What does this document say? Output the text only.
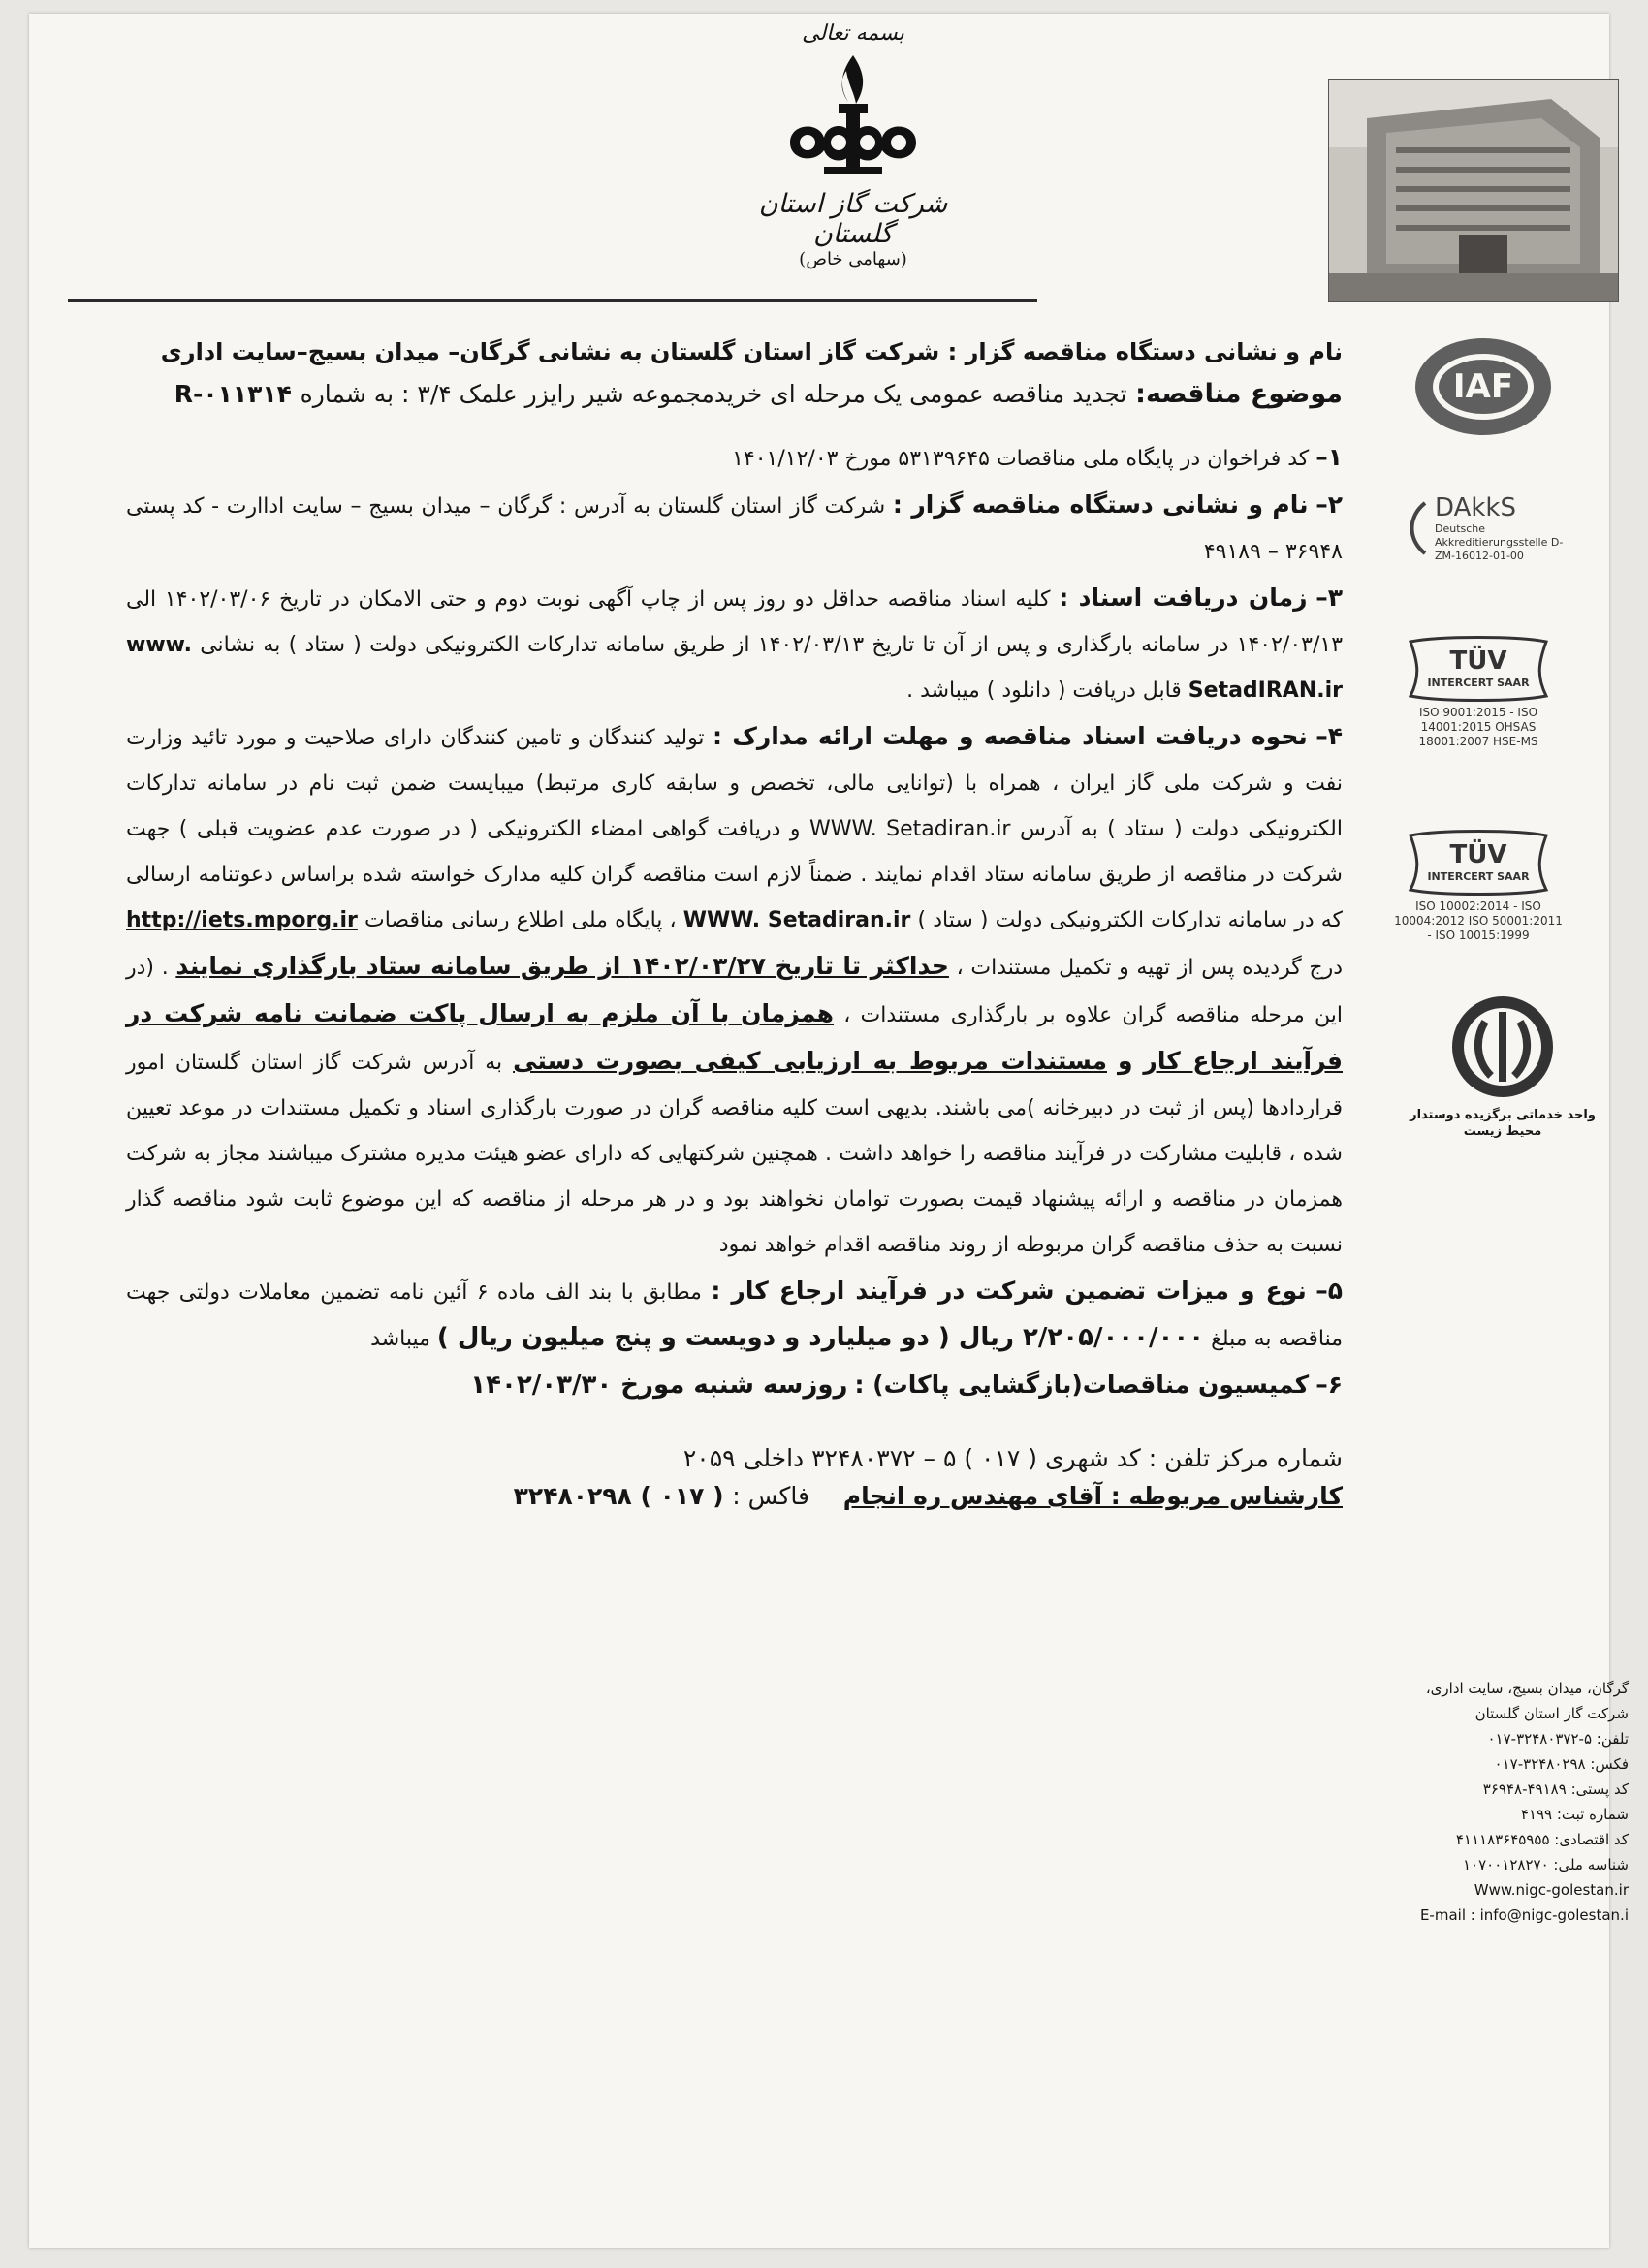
بسمه تعالی
شرکت گاز استان گلستان
(سهامی خاص)
نام و نشانی دستگاه مناقصه گزار : شرکت گاز استان گلستان به نشانی گرگان– میدان بسیج–سایت اداری
موضوع مناقصه: تجدید مناقصه عمومی یک مرحله ای خریدمجموعه شیر رایزر علمک ۳/۴ : به شماره R-۰۱۱۳۱۴

۱– کد فراخوان در پایگاه ملی مناقصات ۵۳۱۳۹۶۴۵ مورخ ۱۴۰۱/۱۲/۰۳

۲– نام و نشانی دستگاه مناقصه گزار : شرکت گاز استان گلستان به آدرس : گرگان – میدان بسیج – سایت اداارت - کد پستی ۳۶۹۴۸ – ۴۹۱۸۹

۳– زمان دریافت اسناد : کلیه اسناد مناقصه حداقل دو روز پس از چاپ آگهی نوبت دوم و حتی الامکان در تاریخ ۱۴۰۲/۰۳/۰۶ الی ۱۴۰۲/۰۳/۱۳ در سامانه بارگذاری و پس از آن تا تاریخ ۱۴۰۲/۰۳/۱۳ از طریق سامانه تدارکات الکترونیکی دولت ( ستاد ) به نشانی www. SetadIRAN.ir قابل دریافت ( دانلود ) میباشد .

۴– نحوه دریافت اسناد مناقصه و مهلت ارائه مدارک : تولید کنندگان و تامین کنندگان دارای صلاحیت و مورد تائید وزارت نفت و شرکت ملی گاز ایران ، همراه با (توانایی مالی، تخصص و سابقه کاری مرتبط) میبایست ضمن ثبت نام در سامانه تدارکات الکترونیکی دولت ( ستاد ) به آدرس WWW. Setadiran.ir و دریافت گواهی امضاء الکترونیکی ( در صورت عدم عضویت قبلی ) جهت شرکت در مناقصه از طریق سامانه ستاد اقدام نمایند . ضمناً لازم است مناقصه گران کلیه مدارک خواسته شده براساس دعوتنامه ارسالی که در سامانه تدارکات الکترونیکی دولت ( ستاد ) WWW. Setadiran.ir ، پایگاه ملی اطلاع رسانی مناقصات http://iets.mporg.ir درج گردیده پس از تهیه و تکمیل مستندات ، حداکثر تا تاریخ ۱۴۰۲/۰۳/۲۷ از طریق سامانه ستاد بارگذاری نمایند . (در این مرحله مناقصه گران علاوه بر بارگذاری مستندات ، همزمان با آن ملزم به ارسال پاکت ضمانت نامه شرکت در فرآیند ارجاع کار و مستندات مربوط به ارزیابی کیفی بصورت دستی به آدرس شرکت گاز استان گلستان امور قراردادها (پس از ثبت در دبیرخانه )می باشند. بدیهی است کلیه مناقصه گران در صورت بارگذاری اسناد و تکمیل مستندات در موعد تعیین شده ، قابلیت مشارکت در فرآیند مناقصه را خواهد داشت . همچنین شرکتهایی که دارای عضو هیئت مدیره مشترک میباشند مجاز به شرکت همزمان در مناقصه و ارائه پیشنهاد قیمت بصورت توامان نخواهند بود و در هر مرحله از مناقصه که این موضوع ثابت شود مناقصه گذار نسبت به حذف مناقصه گران مربوطه از روند مناقصه اقدام خواهد نمود

۵– نوع و میزات تضمین شرکت در فرآیند ارجاع کار : مطابق با بند الف ماده ۶ آئین نامه تضمین معاملات دولتی جهت مناقصه به مبلغ ۲/۲۰۵/۰۰۰/۰۰۰ ریال ( دو میلیارد و دویست و پنج میلیون ریال ) میباشد

۶– کمیسیون مناقصات(بازگشایی پاکات) : روزسه شنبه مورخ ۱۴۰۲/۰۳/۳۰

شماره مرکز تلفن : کد شهری ( ۰۱۷ ) ۵ – ۳۲۴۸۰۳۷۲ داخلی ۲۰۵۹
کارشناس مربوطه : آقای مهندس ره انجام    فاکس : ( ۰۱۷ ) ۳۲۴۸۰۲۹۸
IAF
DAkkS
Deutsche Akkreditierungsstelle D-ZM-16012-01-00
TÜV
INTERCERT SAAR
ISO 9001:2015 - ISO 14001:2015 OHSAS 18001:2007 HSE-MS
TÜV
INTERCERT SAAR
ISO 10002:2014 - ISO 10004:2012 ISO 50001:2011 - ISO 10015:1999
واحد خدماتی برگزیده دوستدار محیط زیست
گرگان، میدان بسیج، سایت اداری،
شرکت گاز استان گلستان
تلفن: ۵-۳۲۴۸۰۳۷۲-۰۱۷
فکس: ۳۲۴۸۰۲۹۸-۰۱۷
کد پستی: ۴۹۱۸۹-۳۶۹۴۸
شماره ثبت: ۴۱۹۹
کد اقتصادی: ۴۱۱۱۸۳۶۴۵۹۵۵
شناسه ملی: ۱۰۷۰۰۱۲۸۲۷۰
Www.nigc-golestan.ir
E-mail : info@nigc-golestan.i
